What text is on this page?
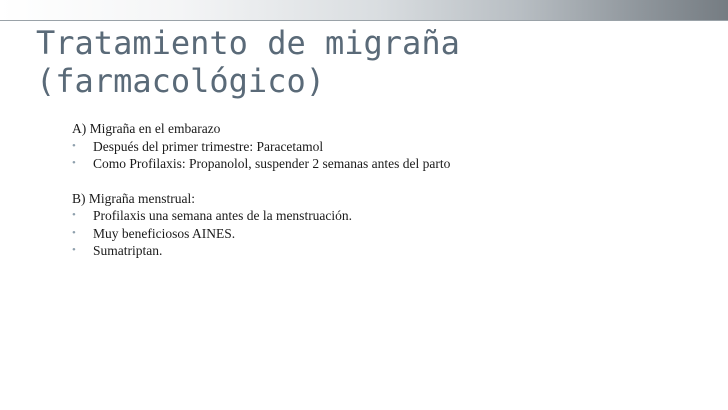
Tratamiento de migraña
(farmacológico)

A) Migraña en el embarazo

• Después del primer trimestre: Paracetamol
• Como Profilaxis: Propanolol, suspender 2 semanas antes del parto

B) Migraña menstrual:

• Profilaxis una semana antes de la menstruación.
• Muy beneficiosos AINES.
• Sumatriptan.
